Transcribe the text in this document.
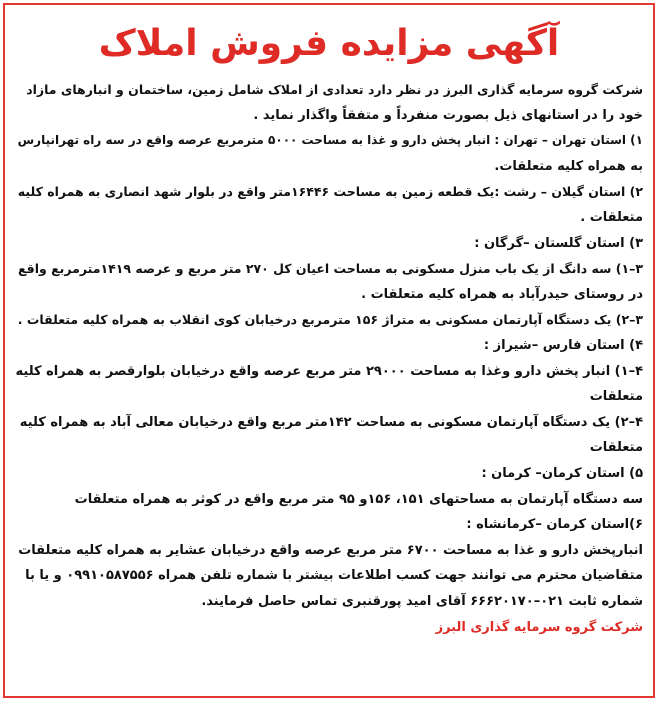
آگهی مزایده فروش املاک
شرکت گروه سرمایه گذاری البرز در نظر دارد تعدادی از املاک شامل زمین، ساختمان و انبارهای مازاد
خود را در استانهای ذیل بصورت منفرداً و متفقاً واگذار نماید .
۱) استان تهران – تهران : انبار پخش دارو و غذا به مساحت ۵۰۰۰ مترمربع عرصه واقع در سه راه تهرانپارس
به همراه کلیه متعلقات.
۲) استان گیلان – رشت :یک قطعه زمین به مساحت ۱۶۴۴۶متر واقع در بلوار شهد انصاری به همراه کلیه
متعلقات .
۳) استان گلستان –گرگان :
۳–۱) سه دانگ از یک باب منزل مسکونی به مساحت اعیان کل ۲۷۰ متر مربع و عرصه ۱۴۱۹مترمربع واقع
در روستای حیدرآباد به همراه کلیه متعلقات .
۳–۲) یک دستگاه آپارتمان مسکونی به متراژ ۱۵۶ مترمربع درخیابان کوی انقلاب به همراه کلیه متعلقات .
۴) استان فارس –شیراز :
۴–۱) انبار پخش دارو وغذا به مساحت ۲۹۰۰۰ متر مربع عرصه واقع درخیابان بلوارقصر به همراه کلیه
متعلقات
۴–۲) یک دستگاه آپارتمان مسکونی به مساحت ۱۴۲متر مربع واقع درخیابان معالی آباد به همراه کلیه
متعلقات
۵) استان کرمان– کرمان :
سه دستگاه آپارتمان به مساحتهای ۱۵۱، ۱۵۶و ۹۵ متر مربع واقع در کوثر به همراه متعلقات
۶)استان کرمان –کرمانشاه :
انبارپخش دارو و غذا به مساحت ۶۷۰۰ متر مربع عرصه واقع درخیابان عشایر به همراه کلیه متعلقات
متقاضیان محترم می توانند جهت کسب اطلاعات بیشتر با شماره تلفن همراه ۰۹۹۱۰۵۸۷۵۵۶ و یا با
شماره ثابت ۰۲۱–۶۶۶۲۰۱۷۰ آقای امید پورقنبری تماس حاصل فرمایند.
شرکت گروه سرمایه گذاری البرز
